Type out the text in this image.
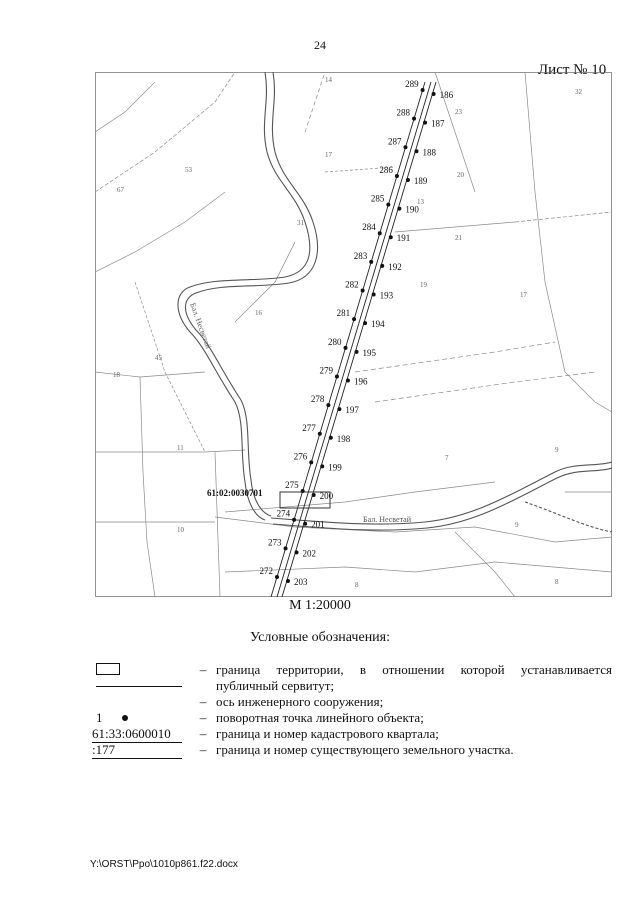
24
Лист № 10
61:02:0030701
Бал. Несветай
Бал. Несветай
14
32
23
17
53
67
20
13
21
31
19
17
16
45
18
11
7
9
10
9
8	8
289
288
287
286
285
284
283
282
281
280
279
278
277
276
275
274
273
272
186
187
188
189
190
191
192
193
194
195
196
197
198
199
200
201
202
203
М 1:20000
Условные обозначения:
– граница территории, в отношении которой устанавливается публичный сервитут;
– ось инженерного сооружения;
1	– поворотная точка линейного объекта;
61:33:0600010	– граница и номер кадастрового квартала;
:177	– граница и номер существующего земельного участка.
Y:\ORST\Ppo\1010p861.f22.docx
